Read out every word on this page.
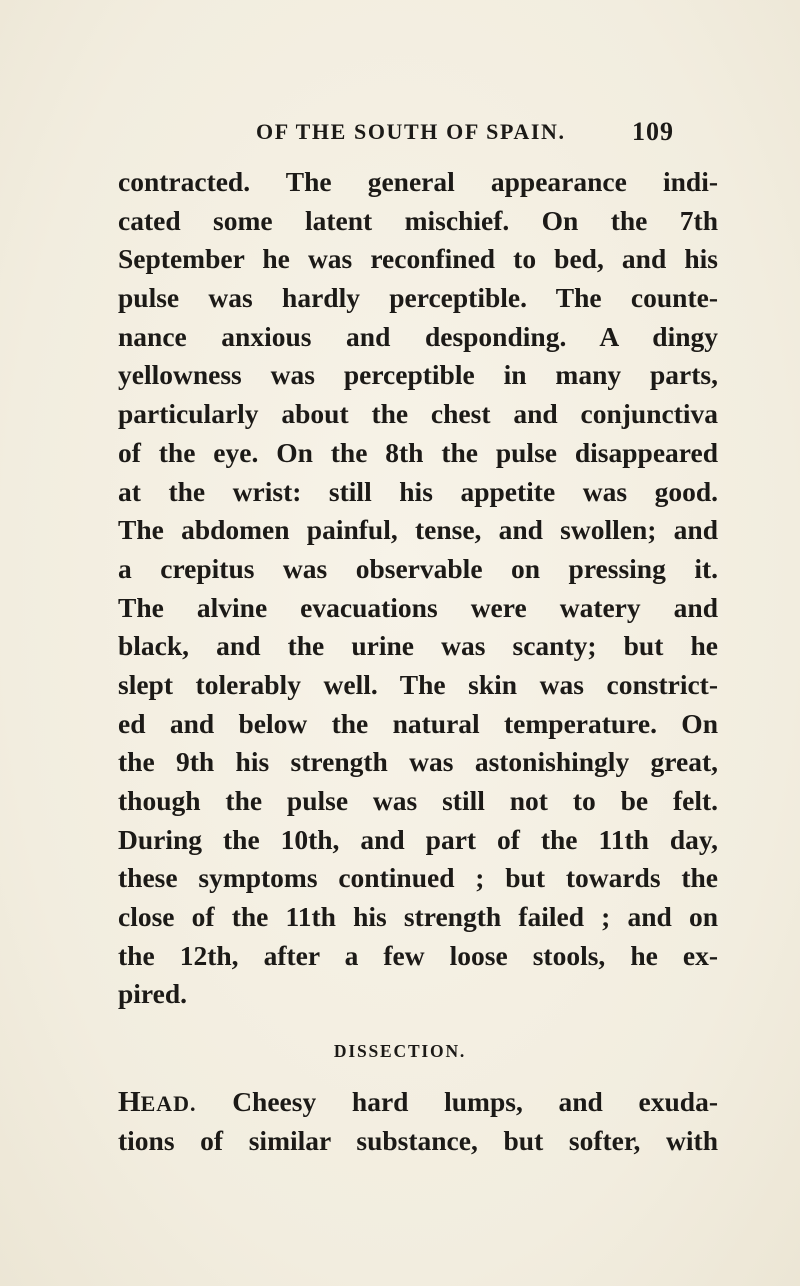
OF THE SOUTH OF SPAIN.	109
contracted. The general appearance indi-
cated some latent mischief. On the 7th
September he was reconfined to bed, and his
pulse was hardly perceptible. The counte-
nance anxious and desponding. A dingy
yellowness was perceptible in many parts,
particularly about the chest and conjunctiva
of the eye. On the 8th the pulse disappeared
at the wrist: still his appetite was good.
The abdomen painful, tense, and swollen; and
a crepitus was observable on pressing it.
The alvine evacuations were watery and
black, and the urine was scanty; but he
slept tolerably well. The skin was constrict-
ed and below the natural temperature. On
the 9th his strength was astonishingly great,
though the pulse was still not to be felt.
During the 10th, and part of the 11th day,
these symptoms continued ; but towards the
close of the 11th his strength failed ; and on
the 12th, after a few loose stools, he ex-
pired.
DISSECTION.
HEAD. Cheesy hard lumps, and exuda-
tions of similar substance, but softer, with
